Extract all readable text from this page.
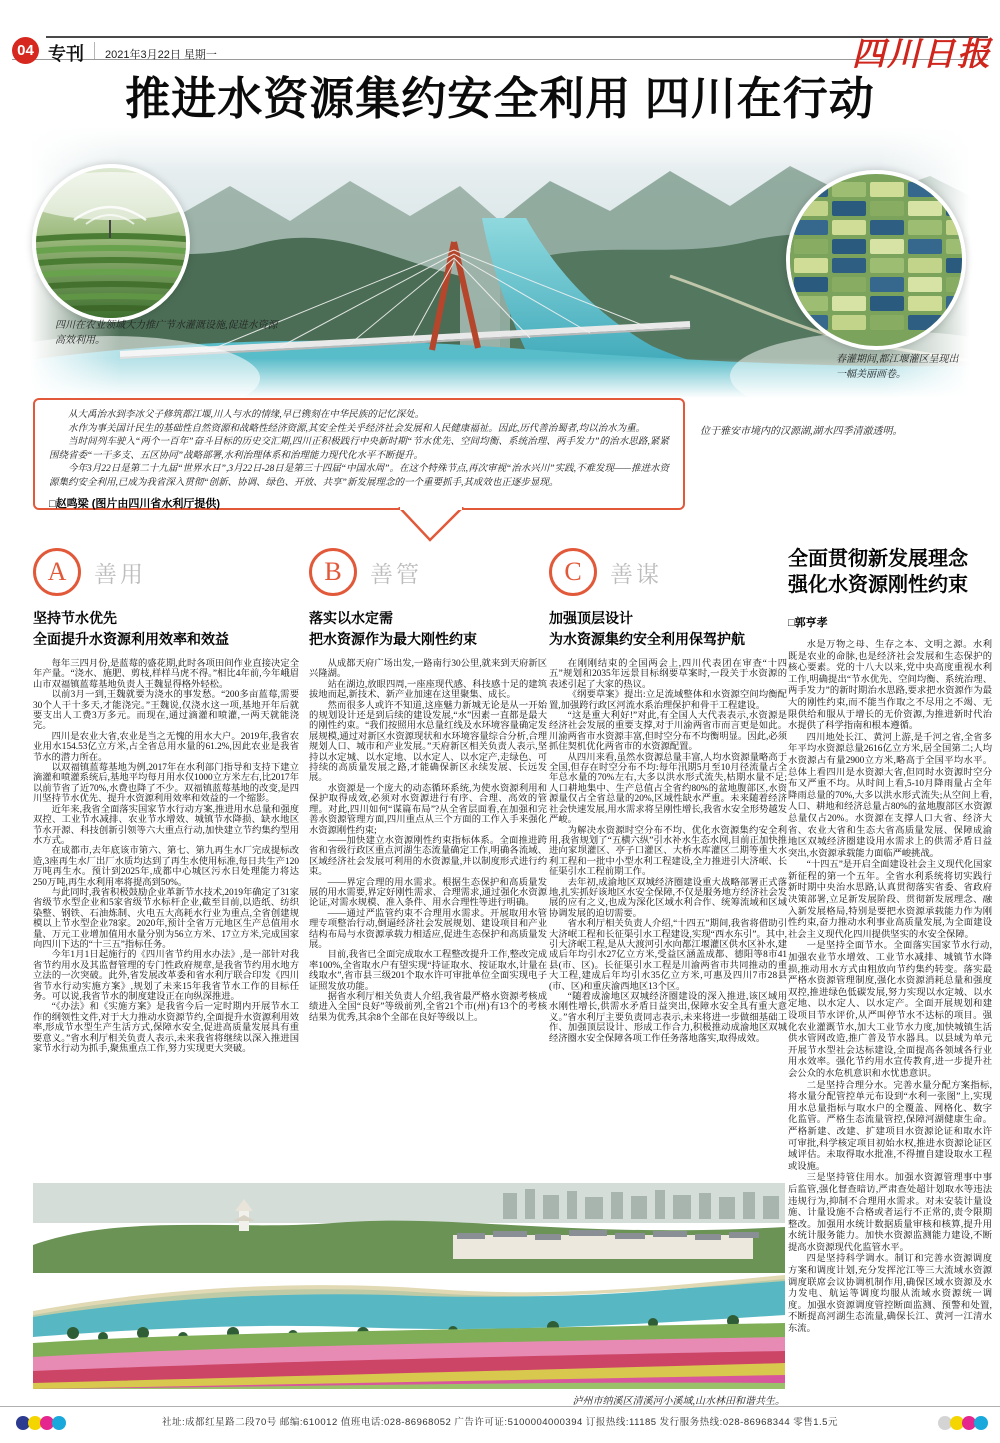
04 专刊 2021年3月22日 星期一	四川日报
推进水资源集约安全利用 四川在行动
四川在农业领域大力推广节水灌溉设施,促进水资源高效利用。
春灌期间,都江堰灌区呈现出一幅美丽画卷。
位于雅安市境内的汉源湖,湖水四季清澈透明。

从大禹治水到李冰父子修筑都江堰,川人与水的情缘,早已镌刻在中华民族的记忆深处。

水作为事关国计民生的基础性自然资源和战略性经济资源,其安全性关乎经济社会发展和人民健康福祉。因此,历代善治蜀者,均以治水为重。

当时间列车驶入“两个一百年”奋斗目标的历史交汇期,四川正积极践行中央新时期“节水优先、空间均衡、系统治理、两手发力”的治水思路,紧紧围绕省委“一干多支、五区协同”战略部署,水利治理体系和治理能力现代化水平不断提升。

今年3月22日是第二十九届“世界水日”,3月22日-28日是第三十四届“中国水周”。在这个特殊节点,再次审视“治水兴川”实践,不难发现——推进水资源集约安全利用,已成为我省深入贯彻“创新、协调、绿色、开放、共享”新发展理念的一个重要抓手,其成效也正逐步显现。

□赵鸣梁 (图片由四川省水利厅提供)
A	善用
坚持节水优先
全面提升水资源利用效率和效益

每年三四月份,是蓝莓的盛花期,此时各项田间作业直接决定全年产量。“浇水、施肥、剪枝,样样马虎不得。”相比4年前,今年峨眉山市双福镇蓝莓基地负责人王魏显得格外轻松。

以前3月一到,王魏就要为浇水的事发愁。“200多亩蓝莓,需要30个人干十多天,才能浇完。”王魏说,仅浇水这一项,基地开年后就要支出人工费3万多元。而现在,通过滴灌和喷灌,一两天就能浇完。

四川是农业大省,农业是当之无愧的用水大户。2019年,我省农业用水154.53亿立方米,占全省总用水量的61.2%,因此农业是我省节水的潜力所在。

以双福镇蓝莓基地为例,2017年在水利部门指导和支持下建立滴灌和喷灌系统后,基地平均每月用水仅1000立方米左右,比2017年以前节省了近70%,水费也降了不少。双福镇蓝莓基地的改变,是四川坚持节水优先、提升水资源利用效率和效益的一个缩影。

近年来,我省全面落实国家节水行动方案,推进用水总量和强度双控、工业节水减排、农业节水增效、城镇节水降损、缺水地区节水开源、科技创新引领等六大重点行动,加快建立节约集约型用水方式。

在成都市,去年底该市第六、第七、第九再生水厂完成提标改造,3座再生水厂出厂水质均达到了再生水使用标准,每日共生产120万吨再生水。预计到2025年,成都中心城区污水日处理能力将达250万吨,再生水利用率将提高到50%。

与此同时,我省积极鼓励企业革新节水技术,2019年确定了31家省级节水型企业和5家省级节水标杆企业,截至目前,以造纸、纺织染整、钢铁、石油炼制、火电五大高耗水行业为重点,全省创建规模以上节水型企业78家。2020年,预计全省万元地区生产总值用水量、万元工业增加值用水量分别为56立方米、17立方米,完成国家向四川下达的“十三五”指标任务。

今年1月1日起施行的《四川省节约用水办法》,是一部针对我省节约用水及其监督管理的专门性政府规章,是我省节约用水地方立法的一次突破。此外,省发展改革委和省水利厅联合印发《四川省节水行动实施方案》,规划了未来15年我省节水工作的目标任务。可以说,我省节水的制度建设正在向纵深推进。

“《办法》和《实施方案》是我省今后一定时期内开展节水工作的纲领性文件,对于大力推动水资源节约,全面提升水资源利用效率,形成节水型生产生活方式,保障水安全,促进高质量发展具有重要意义。”省水利厅相关负责人表示,未来我省将继续以深入推进国家节水行动为抓手,聚焦重点工作,努力实现更大突破。

B	善管
落实以水定需
把水资源作为最大刚性约束

从成都天府广场出发,一路南行30公里,就来到天府新区兴隆湖。

站在湖边,放眼四周,一座座现代感、科技感十足的建筑拔地而起,新技术、新产业加速在这里聚集、成长。

然而很多人或许不知道,这座魅力新城无论是从一开始的规划设计还是到后续的建设发展,“水”因素一直都是最大的刚性约束。“我们按照用水总量红线及水环境容量确定发展规模,通过对新区水资源现状和水环境容量综合分析,合理规划人口、城市和产业发展。”天府新区相关负责人表示,坚持以水定城、以水定地、以水定人、以水定产,走绿色、可持续的高质量发展之路,才能确保新区永续发展、长远发展。

水资源是一个庞大的动态循环系统,为使水资源利用和保护取得成效,必须对水资源进行有序、合理、高效的管理。对此,四川如何“谋篇布局”?从全省层面看,在加强和完善水资源管理方面,四川重点从三个方面的工作入手来强化水资源刚性约束;

——加快建立水资源刚性约束指标体系。全面推进跨省和省级行政区重点河湖生态流量确定工作,明确各流域、区域经济社会发展可利用的水资源量,并以制度形式进行约束。

——界定合理的用水需求。根据生态保护和高质量发展的用水需要,界定好刚性需求、合理需求,通过强化水资源论证,对需水规模、准入条件、用水合理性等进行明确。

——通过严监管约束不合理用水需求。开展取用水管理专项整治行动,倒逼经济社会发展规划、建设项目和产业结构布局与水资源承载力相适应,促进生态保护和高质量发展。

目前,我省已全面完成取水工程整改提升工作,整改完成率100%,全省取水户有望实现“持证取水、按证取水,计量在线取水”,省市县三级201个取水许可审批单位全面实现电子证照发放功能。

据省水利厅相关负责人介绍,我省最严格水资源考核成绩进入全国“良好”等级前列,全省21个市(州)有13个的考核结果为优秀,其余8个全部在良好等级以上。

C	善谋
加强顶层设计
为水资源集约安全利用保驾护航

在刚刚结束的全国两会上,四川代表团在审查“十四五”规划和2035年远景目标纲要草案时,一段关于水资源的表述引起了大家的热议。

《纲要草案》提出:立足流域整体和水资源空间均衡配置,加强跨行政区河流水系治理保护和骨干工程建设。

“这是重大利好!”对此,有全国人大代表表示,水资源是经济社会发展的重要支撑,对于川渝两省市而言更是如此。川渝两省市水资源丰富,但时空分布不均衡明显。因此,必须抓住契机优化两省市的水资源配置。

从四川来看,虽然水资源总量丰富,人均水资源量略高于全国,但存在时空分布不均:每年汛期5月至10月径流量占全年总水量的70%左右,大多以洪水形式流失,枯期水量不足;人口耕地集中、生产总值占全省约80%的盆地腹部区,水资源量仅占全省总量的20%,区域性缺水严重。未来随着经济社会快速发展,用水需求将呈刚性增长,我省水安全形势越发严峻。

为解决水资源时空分布不均、优化水资源集约安全利用,我省规划了“五横六纵”引水补水生态水网,目前正加快推进向家坝灌区、亭子口灌区、大桥水库灌区二期等重大水利工程和一批中小型水利工程建设,全力推进引大济岷、长征渠引水工程前期工作。

去年初,成渝地区双城经济圈建设重大战略部署正式落地,扎实抓好该地区水安全保障,不仅是服务地方经济社会发展的应有之义,也成为深化区域水利合作、统筹流域和区域协调发展的迫切需要。

省水利厅相关负责人介绍,“十四五”期间,我省将借助引大济岷工程和长征渠引水工程建设,实现“西水东引”。其中,引大济岷工程,是从大渡河引水向都江堰灌区供水区补水,建成后年均引水27亿立方米,受益区涵盖成都、德阳等8市41县(市、区)。长征渠引水工程是川渝两省市共同推动的重大工程,建成后年均引水35亿立方米,可惠及四川7市28县(市、区)和重庆渝西地区13个区。

“随着成渝地区双城经济圈建设的深入推进,该区域用水刚性增长,供需水矛盾日益突出,保障水安全具有重大意义。”省水利厅主要负责同志表示,未来将进一步做细基础工作、加强顶层设计、形成工作合力,积极推动成渝地区双城经济圈水安全保障各项工作任务落地落实,取得成效。

全面贯彻新发展理念
强化水资源刚性约束
□郭亨孝

水是万物之母、生存之本、文明之源。水利既是农业的命脉,也是经济社会发展和生态保护的核心要素。党的十八大以来,党中央高度重视水利工作,明确提出“节水优先、空间均衡、系统治理、两手发力”的新时期治水思路,要求把水资源作为最大的刚性约束,而不能当作取之不尽用之不竭、无限供给和服从于增长的无价资源,为推进新时代治水提供了科学指南和根本遵循。

四川地处长江、黄河上游,是千河之省,全省多年平均水资源总量2616亿立方米,居全国第二;人均水资源占有量2900立方米,略高于全国平均水平。总体上看四川是水资源大省,但同时水资源时空分布又严重不均。从时间上看,5-10月降雨量占全年降雨总量的70%,大多以洪水形式流失;从空间上看,人口、耕地和经济总量占80%的盆地腹部区水资源总量仅占20%。水资源在支撑人口大省、经济大省、农业大省和生态大省高质量发展、保障成渝地区双城经济圈建设用水需求上的供需矛盾日益突出,水资源承载能力面临严峻挑战。

“十四五”是开启全面建设社会主义现代化国家新征程的第一个五年。全省水利系统将切实践行新时期中央治水思路,认真贯彻落实省委、省政府决策部署,立足新发展阶段、贯彻新发展理念、融入新发展格局,特别是要把水资源承载能力作为刚性约束,奋力推动水利事业高质量发展,为全面建设社会主义现代化四川提供坚实的水安全保障。

一是坚持全面节水。全面落实国家节水行动,加强农业节水增效、工业节水减排、城镇节水降损,推动用水方式由粗放向节约集约转变。落实最严格水资源管理制度,强化水资源消耗总量和强度双控,推进绿色低碳发展,努力实现以水定城、以水定地、以水定人、以水定产。全面开展规划和建设项目节水评价,从严叫停节水不达标的项目。强化农业灌溉节水,加大工业节水力度,加快城镇生活供水管网改造,推广普及节水器具。以县域为单元开展节水型社会达标建设,全面提高各领域各行业用水效率。强化节约用水宣传教育,进一步提升社会公众的水危机意识和水忧患意识。

二是坚持合理分水。完善水量分配方案指标,将水量分配管控单元布设到“水利一张图”上,实现用水总量指标与取水户的全覆盖、网格化、数字化监管。严格生态流量管控,保障河湖健康生命。严格新建、改建、扩建项目水资源论证和取水许可审批,科学核定项目初始水权,推进水资源论证区域评估。未取得取水批准,不得擅自建设取水工程或设施。

三是坚持管住用水。加强水资源管理事中事后监管,强化督查暗访,严肃查处超计划取水等违法违规行为,抑制不合理用水需求。对未安装计量设施、计量设施不合格或者运行不正常的,责令限期整改。加强用水统计数据质量审核和核算,提升用水统计服务能力。加快水资源监测能力建设,不断提高水资源现代化监管水平。

四是坚持科学调水。制订和完善水资源调度方案和调度计划,充分发挥沱江等三大流域水资源调度联席会议协调机制作用,确保区域水资源及水力发电、航运等调度均服从流域水资源统一调度。加强水资源调度管控断面监测、预警和处置,不断提高河湖生态流量,确保长江、黄河一江清水东流。

泸州市纳溪区清溪河小溪域,山水林田和谐共生。
社址:成都红星路二段70号 邮编:610012 值班电话:028-86968052 广告许可证:5100004000394 订报热线:11185 发行服务热线:028-86968344 零售1.5元
